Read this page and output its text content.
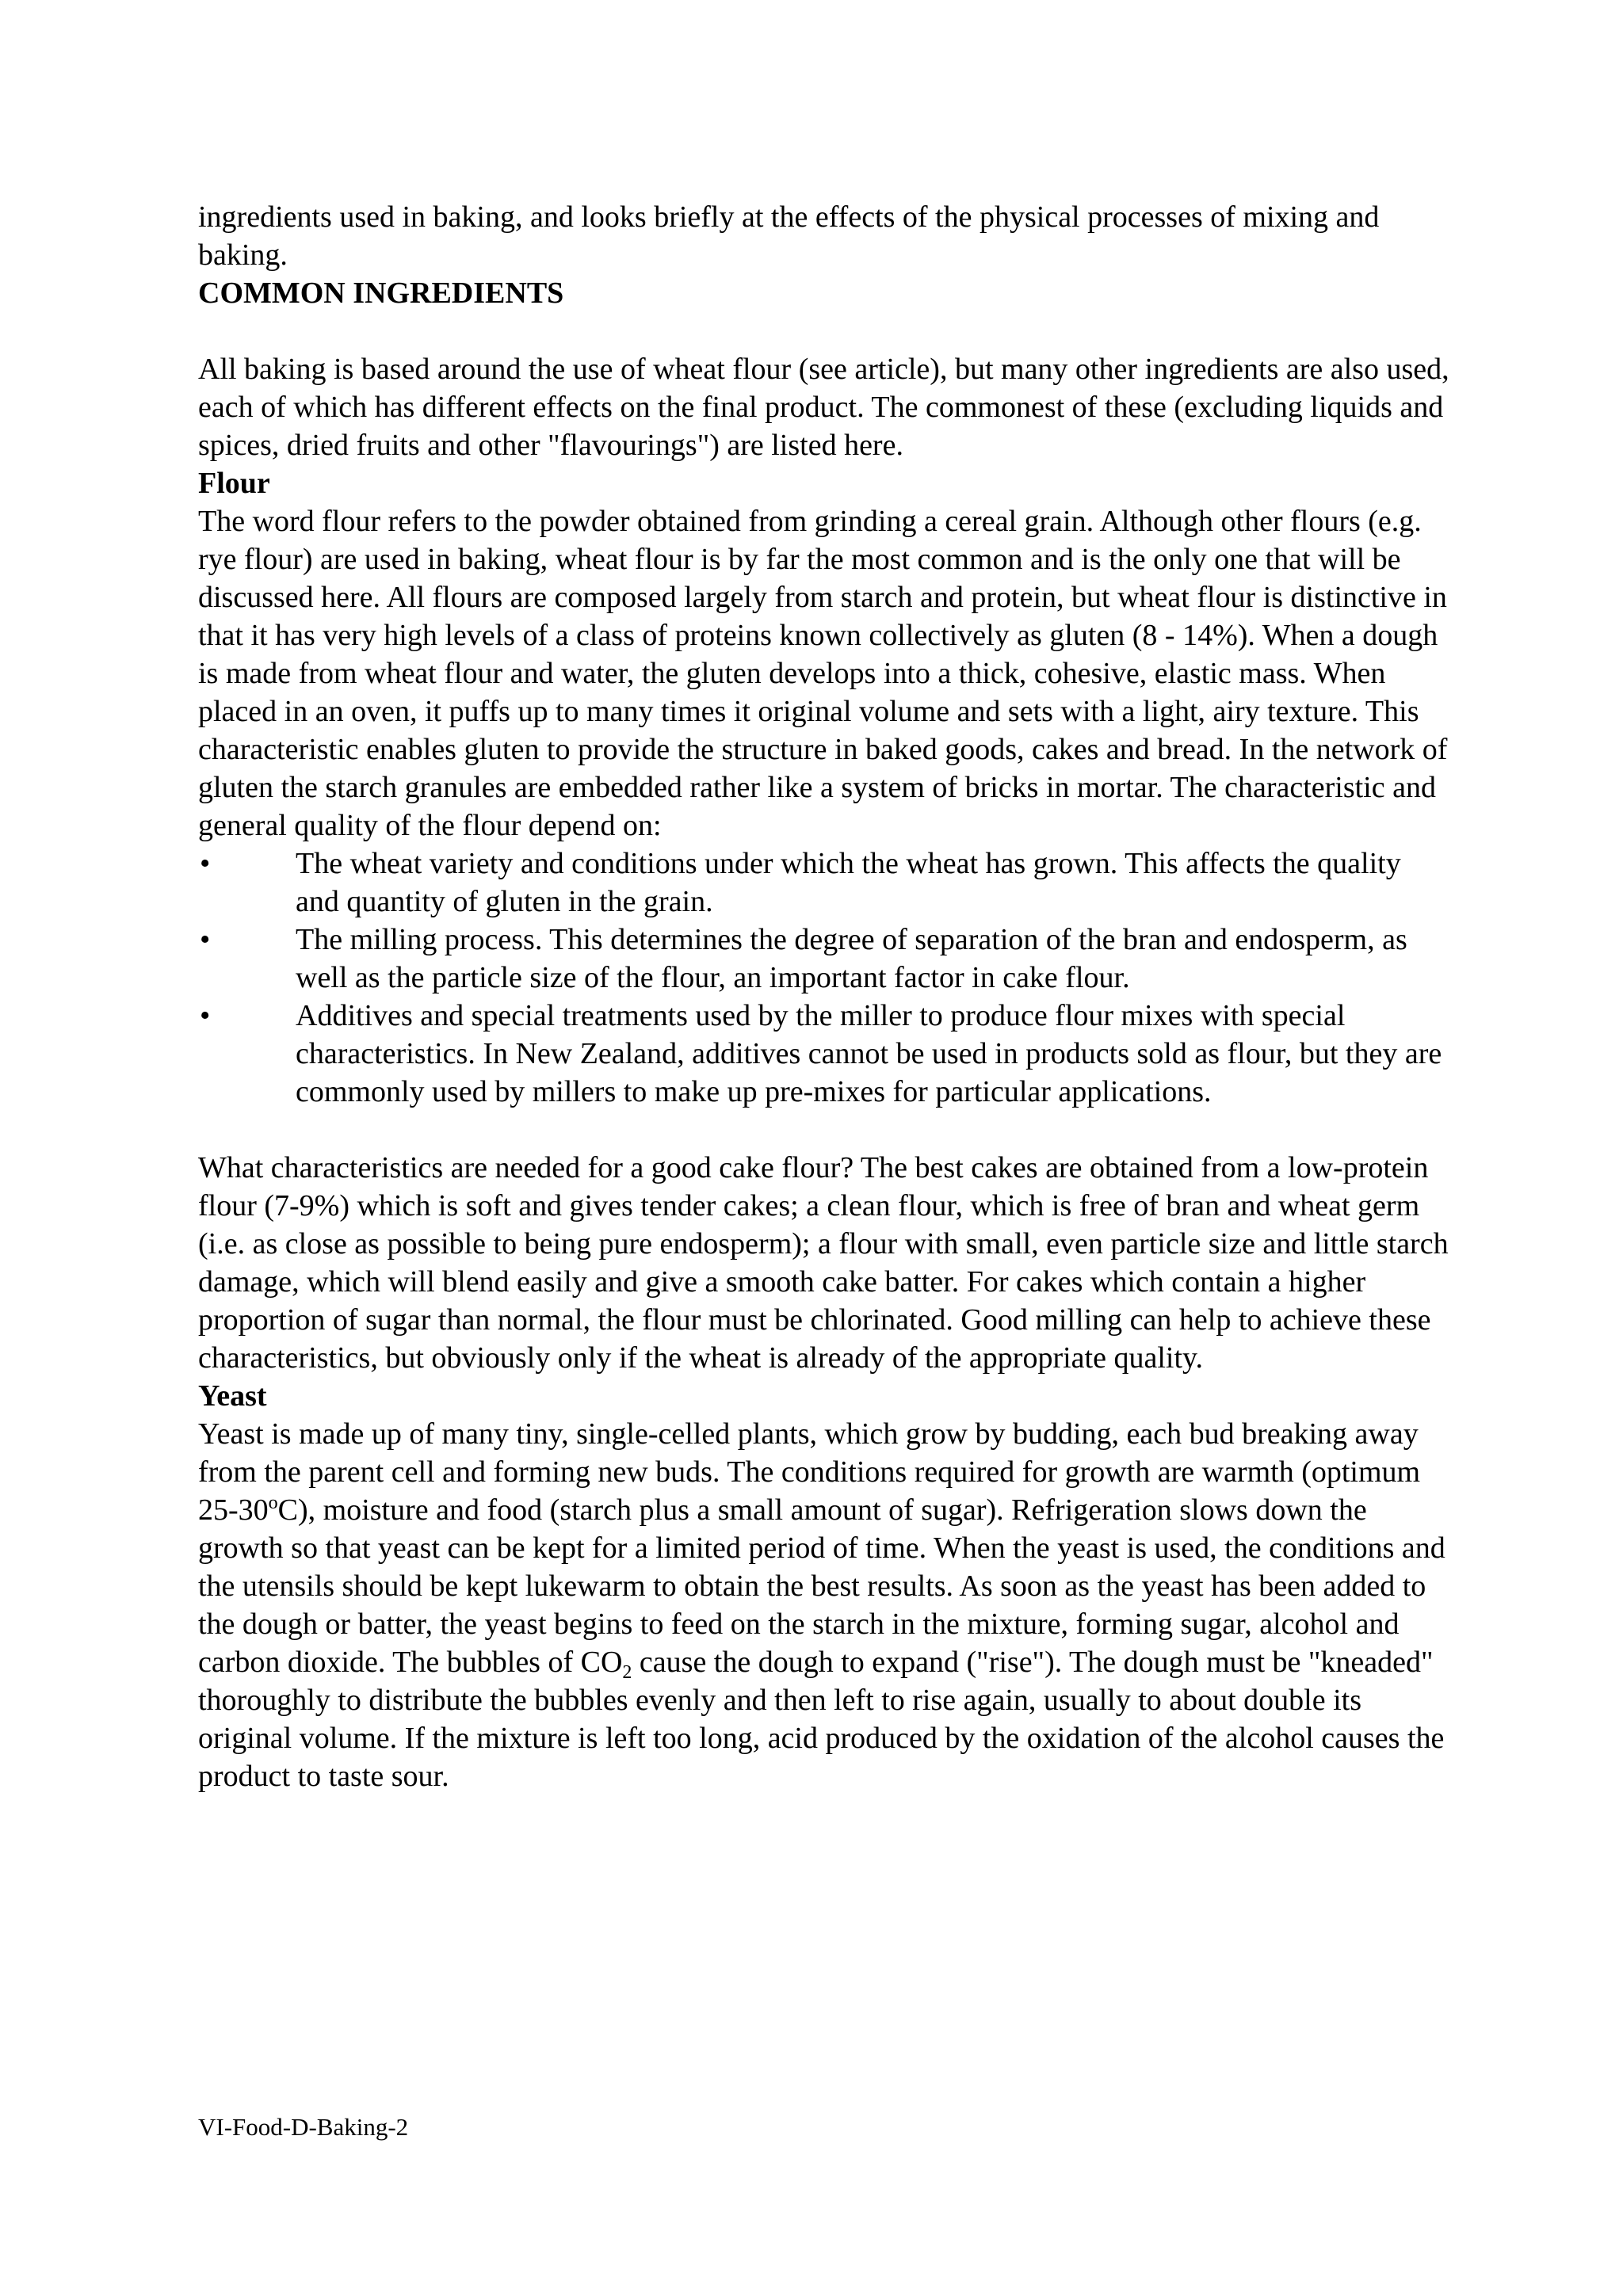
ingredients used in baking, and looks briefly at the effects of the physical processes of mixing and baking.

COMMON INGREDIENTS

All baking is based around the use of wheat flour (see article), but many other ingredients are also used, each of which has different effects on the final product. The commonest of these (excluding liquids and spices, dried fruits and other "flavourings") are listed here.

Flour

The word flour refers to the powder obtained from grinding a cereal grain. Although other flours (e.g. rye flour) are used in baking, wheat flour is by far the most common and is the only one that will be discussed here. All flours are composed largely from starch and protein, but wheat flour is distinctive in that it has very high levels of a class of proteins known collectively as gluten (8 - 14%). When a dough is made from wheat flour and water, the gluten develops into a thick, cohesive, elastic mass. When placed in an oven, it puffs up to many times it original volume and sets with a light, airy texture. This characteristic enables gluten to provide the structure in baked goods, cakes and bread. In the network of gluten the starch granules are embedded rather like a system of bricks in mortar. The characteristic and general quality of the flour depend on:

•	The wheat variety and conditions under which the wheat has grown. This affects the quality and quantity of gluten in the grain.
•	The milling process. This determines the degree of separation of the bran and endosperm, as well as the particle size of the flour, an important factor in cake flour.
•	Additives and special treatments used by the miller to produce flour mixes with special characteristics. In New Zealand, additives cannot be used in products sold as flour, but they are commonly used by millers to make up pre-mixes for particular applications.

What characteristics are needed for a good cake flour? The best cakes are obtained from a low-protein flour (7-9%) which is soft and gives tender cakes; a clean flour, which is free of bran and wheat germ (i.e. as close as possible to being pure endosperm); a flour with small, even particle size and little starch damage, which will blend easily and give a smooth cake batter. For cakes which contain a higher proportion of sugar than normal, the flour must be chlorinated. Good milling can help to achieve these characteristics, but obviously only if the wheat is already of the appropriate quality.

Yeast

Yeast is made up of many tiny, single-celled plants, which grow by budding, each bud breaking away from the parent cell and forming new buds. The conditions required for growth are warmth (optimum 25-30$^o$C), moisture and food (starch plus a small amount of sugar). Refrigeration slows down the growth so that yeast can be kept for a limited period of time. When the yeast is used, the conditions and the utensils should be kept lukewarm to obtain the best results. As soon as the yeast has been added to the dough or batter, the yeast begins to feed on the starch in the mixture, forming sugar, alcohol and carbon dioxide. The bubbles of $CO_2$ cause the dough to expand ("rise"). The dough must be "kneaded" thoroughly to distribute the bubbles evenly and then left to rise again, usually to about double its original volume. If the mixture is left too long, acid produced by the oxidation of the alcohol causes the product to taste sour.

VI-Food-D-Baking-2
